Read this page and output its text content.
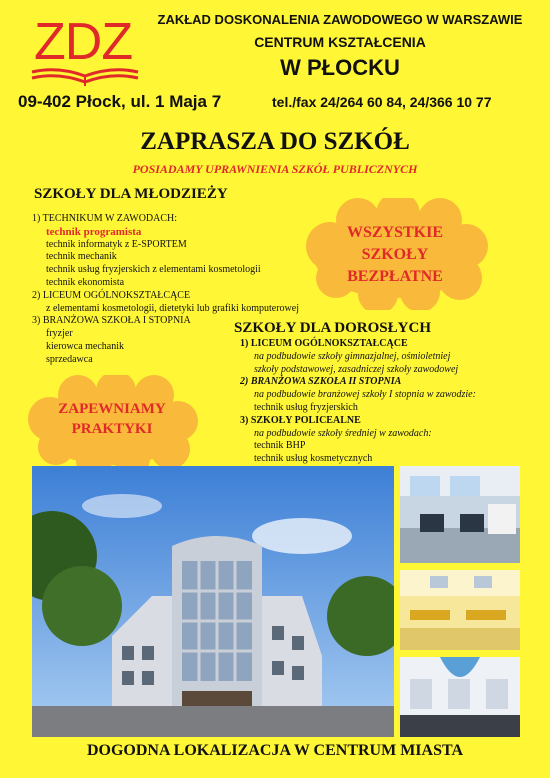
ZDZ	ZAKŁAD DOSKONALENIA ZAWODOWEGO W WARSZAWIE
CENTRUM KSZTAŁCENIA
W PŁOCKU
09-402 Płock, ul. 1 Maja 7	tel./fax 24/264 60 84, 24/366 10 77
ZAPRASZA DO SZKÓŁ
POSIADAMY UPRAWNIENIA SZKÓŁ PUBLICZNYCH
SZKOŁY DLA MŁODZIEŻY
1) TECHNIKUM W ZAWODACH:
technik programista
technik informatyk z E-SPORTEM
technik mechanik
technik usług fryzjerskich z elementami kosmetologii
technik ekonomista
2) LICEUM OGÓLNOKSZTAŁCĄCE
z elementami kosmetologii, dietetyki lub grafiki komputerowej
3) BRANŻOWA SZKOŁA I STOPNIA
fryzjer
kierowca mechanik
sprzedawca
WSZYSTKIE
SZKOŁY
BEZPŁATNE
SZKOŁY DLA DOROSŁYCH
1) LICEUM OGÓLNOKSZTAŁCĄCE
na podbudowie szkoły gimnazjalnej, ośmioletniej
szkoły podstawowej, zasadniczej szkoły zawodowej
2) BRANŻOWA SZKOŁA II STOPNIA
na podbudowie branżowej szkoły I stopnia w zawodzie:
technik usług fryzjerskich
3) SZKOŁY POLICEALNE
na podbudowie szkoły średniej w zawodach:
technik BHP
technik usług kosmetycznych
ZAPEWNIAMY
PRAKTYKI
DOGODNA LOKALIZACJA W CENTRUM MIASTA
